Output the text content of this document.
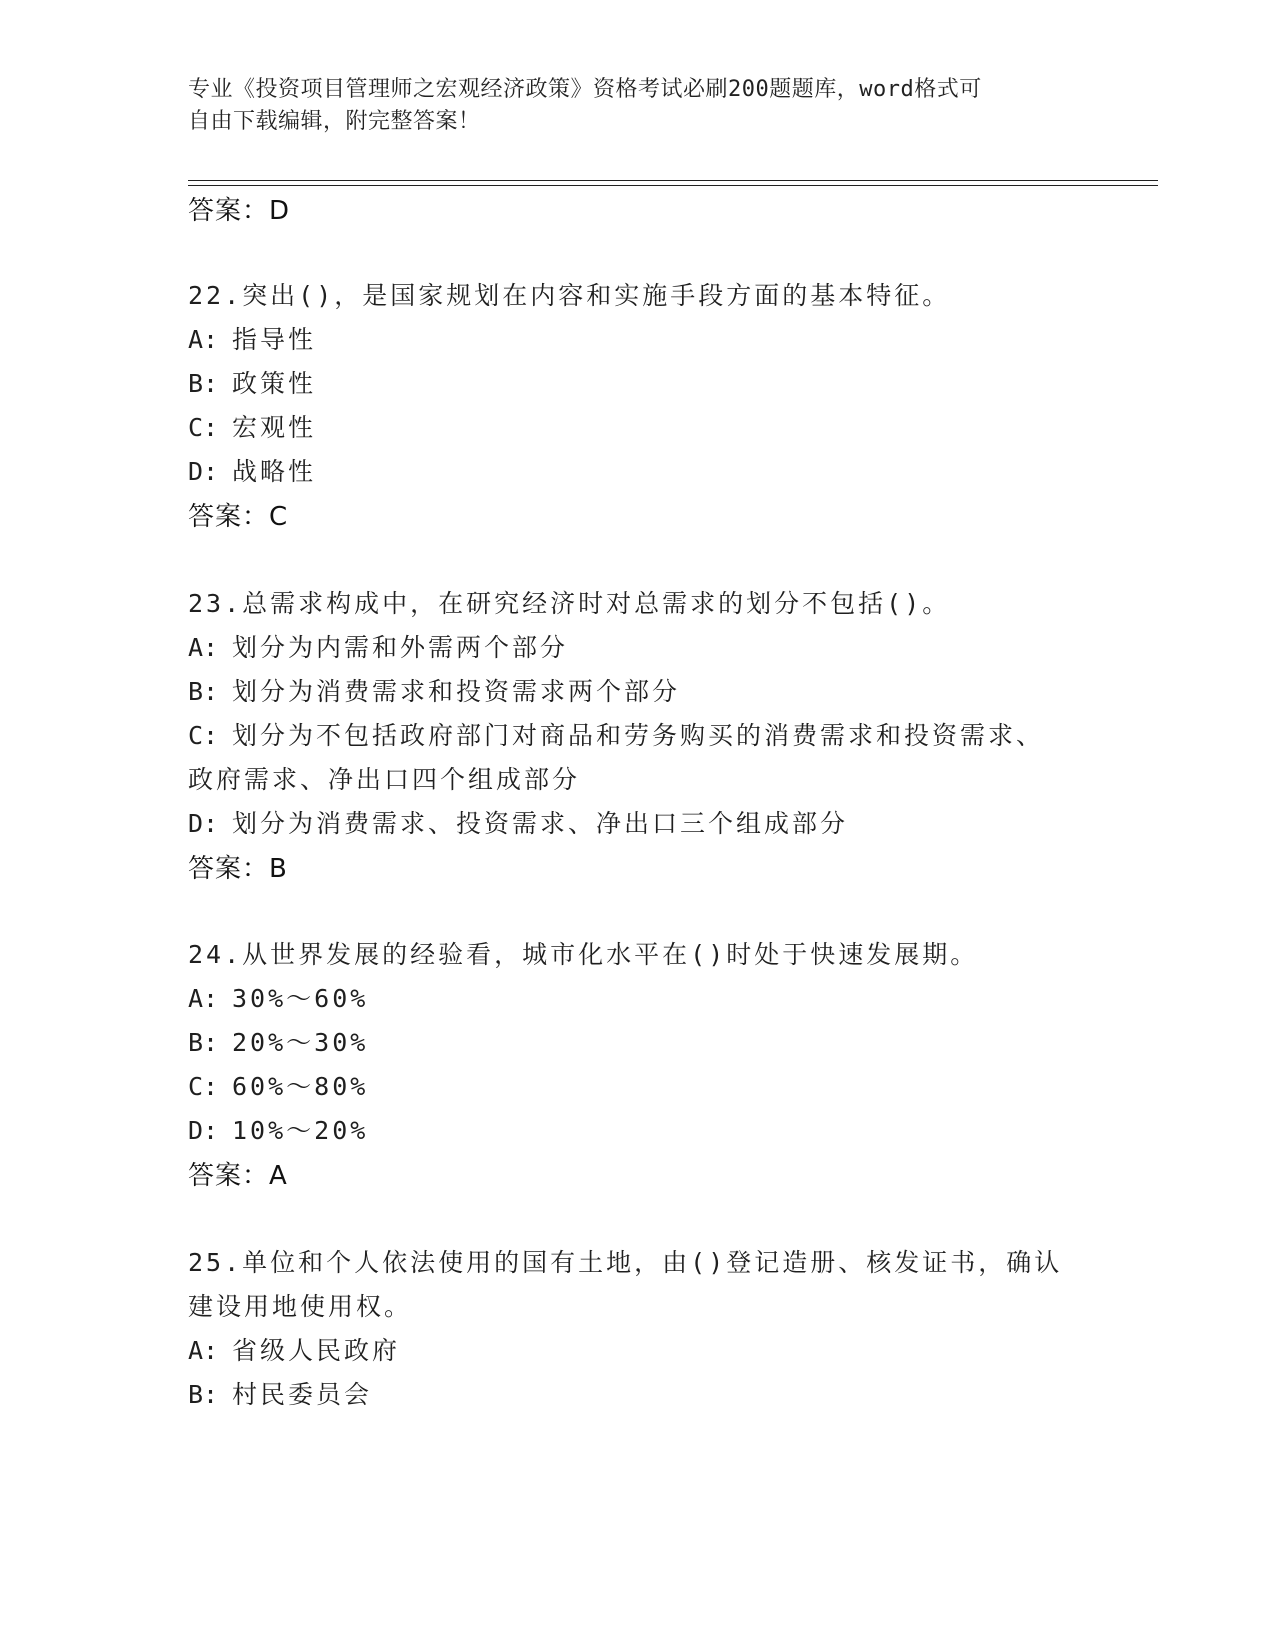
专业《投资项目管理师之宏观经济政策》资格考试必刷200题题库，word格式可
自由下载编辑，附完整答案！
答案：D
22.突出()，是国家规划在内容和实施手段方面的基本特征。
A: 指导性
B: 政策性
C: 宏观性
D: 战略性
答案：C
23.总需求构成中，在研究经济时对总需求的划分不包括()。
A: 划分为内需和外需两个部分
B: 划分为消费需求和投资需求两个部分
C: 划分为不包括政府部门对商品和劳务购买的消费需求和投资需求、
政府需求、净出口四个组成部分
D: 划分为消费需求、投资需求、净出口三个组成部分
答案：B
24.从世界发展的经验看，城市化水平在()时处于快速发展期。
A: 30%～60%
B: 20%～30%
C: 60%～80%
D: 10%～20%
答案：A
25.单位和个人依法使用的国有土地，由()登记造册、核发证书，确认
建设用地使用权。
A: 省级人民政府
B: 村民委员会
